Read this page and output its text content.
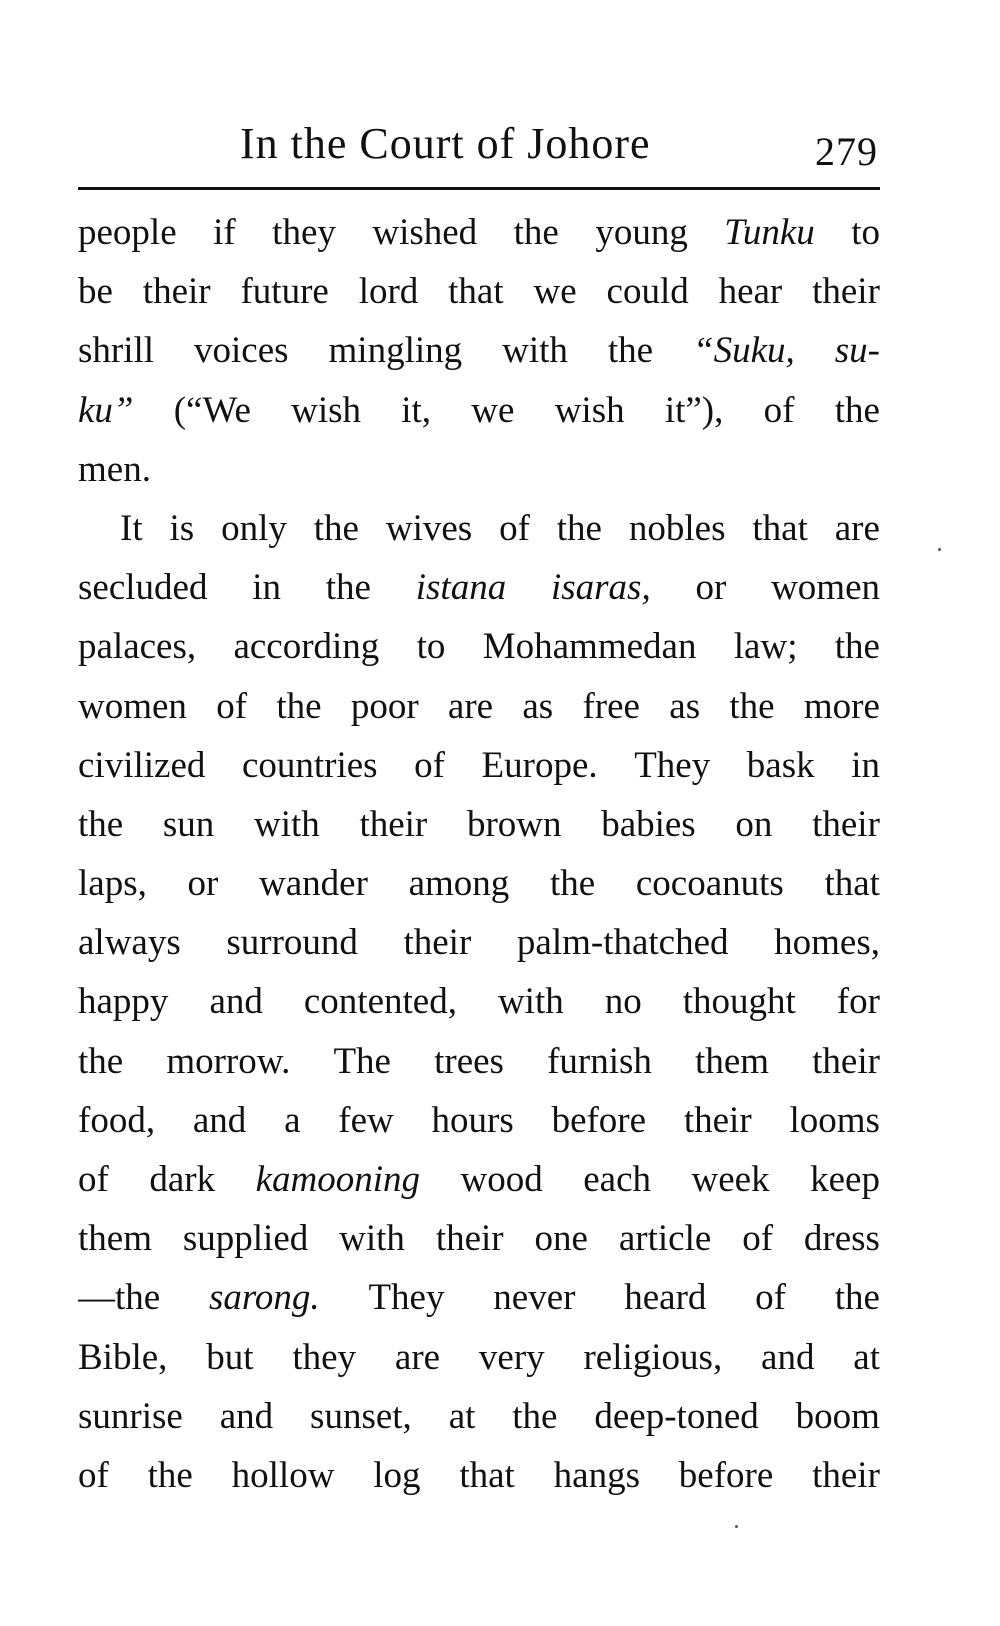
In the Court of Johore	279
people if they wished the young Tunku to
be their future lord that we could hear their
shrill voices mingling with the “Suku, su-
ku” (“We wish it, we wish it”), of the
men.
It is only the wives of the nobles that are
secluded in the istana isaras, or women
palaces, according to Mohammedan law; the
women of the poor are as free as the more
civilized countries of Europe. They bask in
the sun with their brown babies on their
laps, or wander among the cocoanuts that
always surround their palm-thatched homes,
happy and contented, with no thought for
the morrow. The trees furnish them their
food, and a few hours before their looms
of dark kamooning wood each week keep
them supplied with their one article of dress
—the sarong. They never heard of the
Bible, but they are very religious, and at
sunrise and sunset, at the deep-toned boom
of the hollow log that hangs before their
